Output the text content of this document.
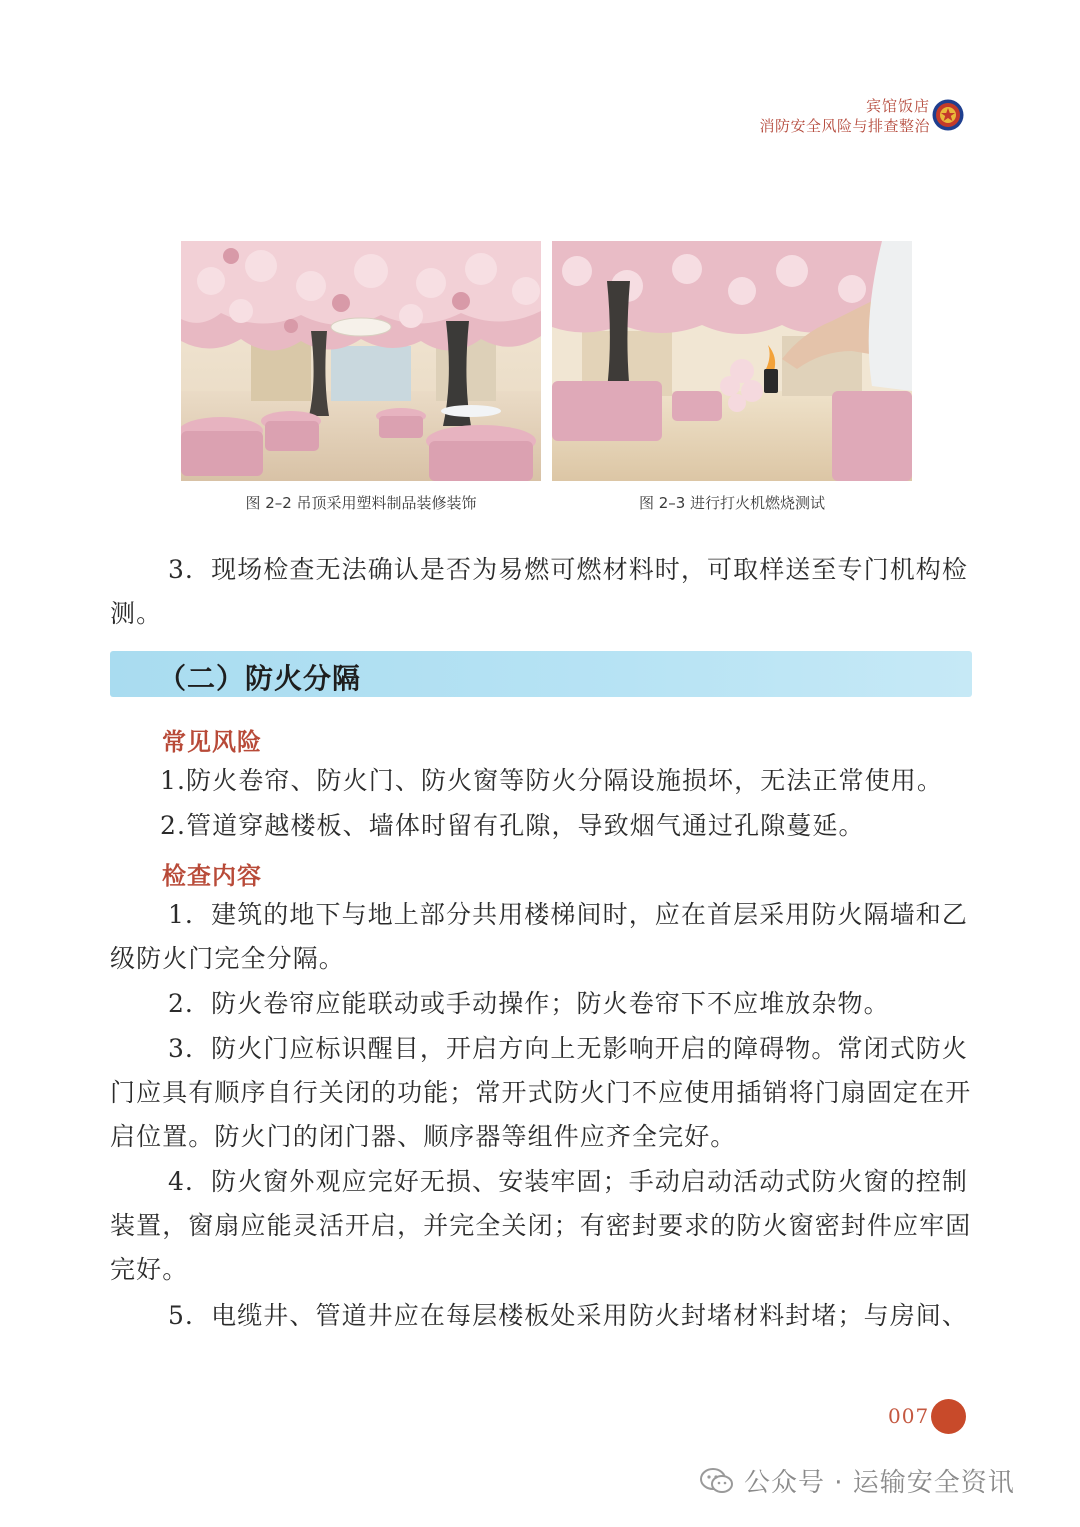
宾馆饭店
消防安全风险与排查整治
图 2–2 吊顶采用塑料制品装修装饰	图 2–3 进行打火机燃烧测试
3．现场检查无法确认是否为易燃可燃材料时，可取样送至专门机构检测。
（二）防火分隔
常见风险
1.防火卷帘、防火门、防火窗等防火分隔设施损坏，无法正常使用。
2.管道穿越楼板、墙体时留有孔隙，导致烟气通过孔隙蔓延。
检查内容
1．建筑的地下与地上部分共用楼梯间时，应在首层采用防火隔墙和乙级防火门完全分隔。
2．防火卷帘应能联动或手动操作；防火卷帘下不应堆放杂物。
3．防火门应标识醒目，开启方向上无影响开启的障碍物。常闭式防火门应具有顺序自行关闭的功能；常开式防火门不应使用插销将门扇固定在开启位置。防火门的闭门器、顺序器等组件应齐全完好。
4．防火窗外观应完好无损、安装牢固；手动启动活动式防火窗的控制装置，窗扇应能灵活开启，并完全关闭；有密封要求的防火窗密封件应牢固完好。
5．电缆井、管道井应在每层楼板处采用防火封堵材料封堵；与房间、
007
公众号 · 运输安全资讯
